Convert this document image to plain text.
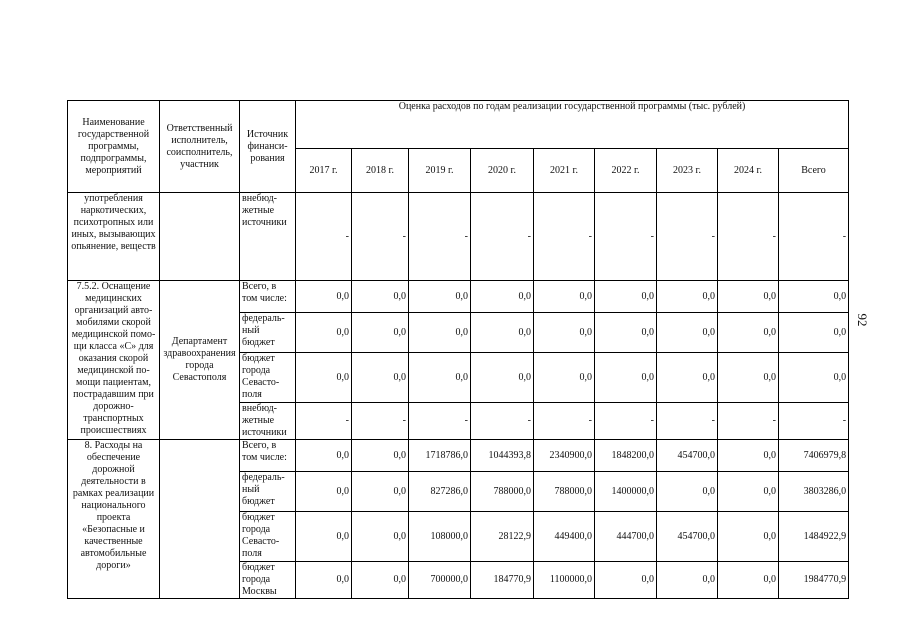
Наименование государственной программы, подпрограммы, мероприятий	Ответственный исполнитель, соисполнитель, участник	Источник финанси-рования	Оценка расходов по годам реализации государственной программы (тыс. рублей)								
			2017 г.	2018 г.	2019 г.	2020 г.	2021 г.	2022 г.	2023 г.	2024 г.	Всего
употребления наркотических, психотропных или иных, вызывающих опьянение, веществ		внебюд-жетные источники	-	-	-	-	-	-	-	-	-
7.5.2. Оснащение медицинских организаций авто-мобилями скорой медицинской помо-щи класса «С» для оказания скорой медицинской по-мощи пациентам, пострадавшим при дорожно-транспортных происшествиях	Департамент здравоохранения города Севастополя	Всего, в том числе:	0,0	0,0	0,0	0,0	0,0	0,0	0,0	0,0	0,0
		федераль-ный бюджет	0,0	0,0	0,0	0,0	0,0	0,0	0,0	0,0	0,0
		бюджет города Севасто-поля	0,0	0,0	0,0	0,0	0,0	0,0	0,0	0,0	0,0
		внебюд-жетные источники	-	-	-	-	-	-	-	-	-
8. Расходы на обеспечение дорожной деятельности в рамках реализации национального проекта «Безопасные и качественные автомобильные дороги»		Всего, в том числе:	0,0	0,0	1718786,0	1044393,8	2340900,0	1848200,0	454700,0	0,0	7406979,8
		федераль-ный бюджет	0,0	0,0	827286,0	788000,0	788000,0	1400000,0	0,0	0,0	3803286,0
		бюджет города Севасто-поля	0,0	0,0	108000,0	28122,9	449400,0	444700,0	454700,0	0,0	1484922,9
		бюджет города Москвы	0,0	0,0	700000,0	184770,9	1100000,0	0,0	0,0	0,0	1984770,9
92
